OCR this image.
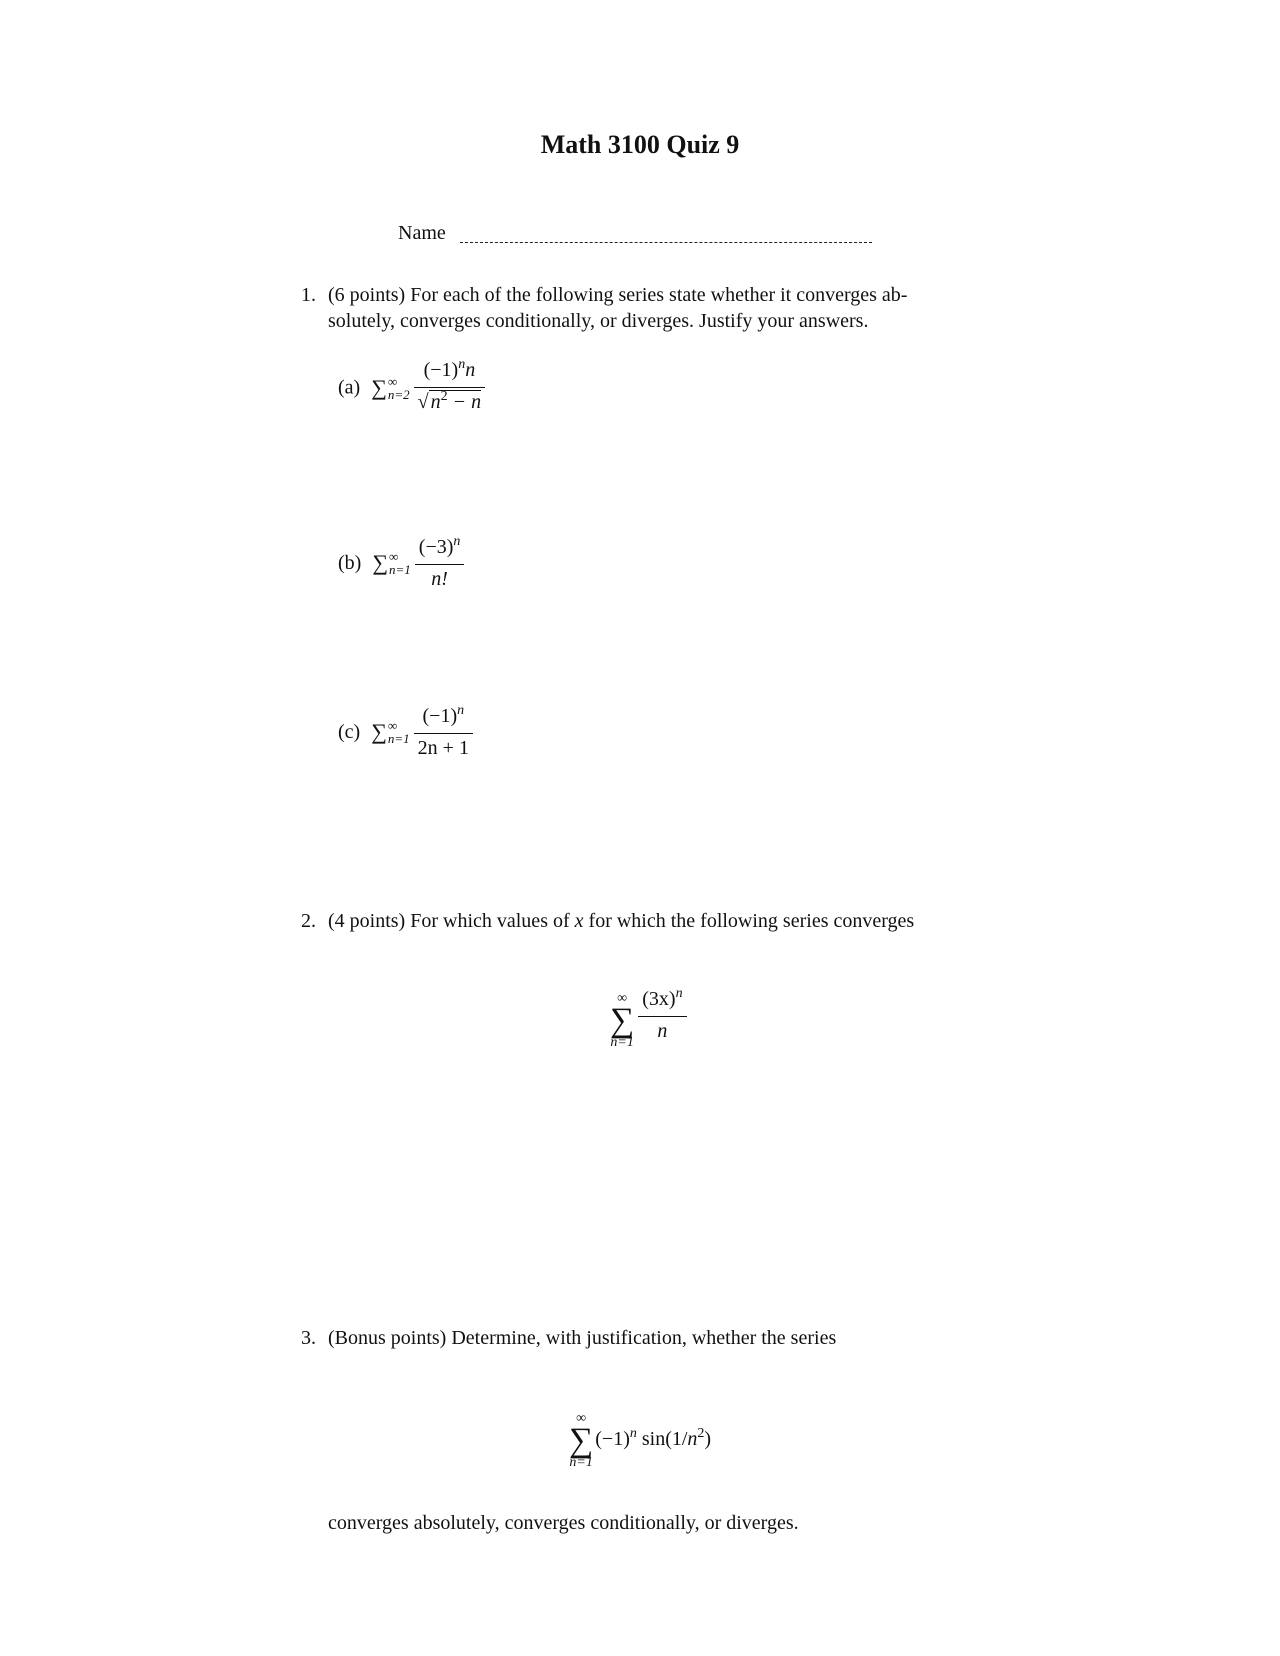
Math 3100 Quiz 9
Name
1. (6 points) For each of the following series state whether it converges ab-
solutely, converges conditionally, or diverges. Justify your answers.
(a) ∑ ∞
$n=2 \frac{(-1)^nn}{√ n^2 - n}$
(b) ∑ ∞
$n=1 \frac{(-3)^n}{n!}$
(c) ∑ ∞
$n=1 \frac{(-1)^n}{2n + 1}$
2. (4 points) For which values of x for which the following series converges
∞
∑
$n=1 \frac{(3x)^n}{n}$
3. (Bonus points) Determine, with justification, whether the series
∞
∑
n=1
$(-1)^n$ $\sin(1/n^2)$
converges absolutely, converges conditionally, or diverges.
